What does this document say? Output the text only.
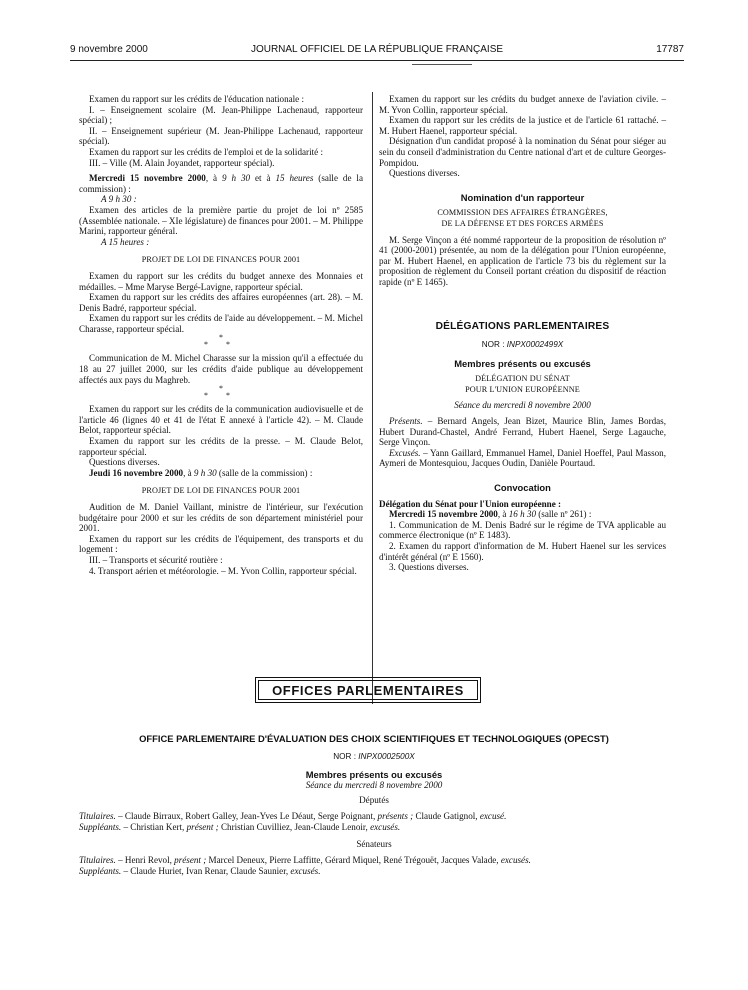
9 novembre 2000	JOURNAL OFFICIEL DE LA RÉPUBLIQUE FRANÇAISE	17787

Examen du rapport sur les crédits de l'éducation nationale :

I. – Enseignement scolaire (M. Jean-Philippe Lachenaud, rapporteur spécial) ;

II. – Enseignement supérieur (M. Jean-Philippe Lachenaud, rapporteur spécial).

Examen du rapport sur les crédits de l'emploi et de la solidarité :

III. – Ville (M. Alain Joyandet, rapporteur spécial).

Mercredi 15 novembre 2000, à 9 h 30 et à 15 heures (salle de la commission) :

A 9 h 30 :

Examen des articles de la première partie du projet de loi nº 2585 (Assemblée nationale. – XIe législature) de finances pour 2001. – M. Philippe Marini, rapporteur général.

A 15 heures :

PROJET DE LOI DE FINANCES POUR 2001

Examen du rapport sur les crédits du budget annexe des Monnaies et médailles. – Mme Maryse Bergé-Lavigne, rapporteur spécial.

Examen du rapport sur les crédits des affaires européennes (art. 28). – M. Denis Badré, rapporteur spécial.

Examen du rapport sur les crédits de l'aide au développement. – M. Michel Charasse, rapporteur spécial.

*

* *

Communication de M. Michel Charasse sur la mission qu'il a effectuée du 18 au 27 juillet 2000, sur les crédits d'aide publique au développement affectés aux pays du Maghreb.

*

* *

Examen du rapport sur les crédits de la communication audiovisuelle et de l'article 46 (lignes 40 et 41 de l'état E annexé à l'article 42). – M. Claude Belot, rapporteur spécial.

Examen du rapport sur les crédits de la presse. – M. Claude Belot, rapporteur spécial.

Questions diverses.

Jeudi 16 novembre 2000, à 9 h 30 (salle de la commission) :

PROJET DE LOI DE FINANCES POUR 2001

Audition de M. Daniel Vaillant, ministre de l'intérieur, sur l'exécution budgétaire pour 2000 et sur les crédits de son département ministériel pour 2001.

Examen du rapport sur les crédits de l'équipement, des transports et du logement :

III. – Transports et sécurité routière :

4. Transport aérien et météorologie. – M. Yvon Collin, rapporteur spécial.

Examen du rapport sur les crédits du budget annexe de l'aviation civile. – M. Yvon Collin, rapporteur spécial.

Examen du rapport sur les crédits de la justice et de l'article 61 rattaché. – M. Hubert Haenel, rapporteur spécial.

Désignation d'un candidat proposé à la nomination du Sénat pour siéger au sein du conseil d'administration du Centre national d'art et de culture Georges-Pompidou.

Questions diverses.

Nomination d'un rapporteur

COMMISSION DES AFFAIRES ÉTRANGÈRES,

DE LA DÉFENSE ET DES FORCES ARMÉES

M. Serge Vinçon a été nommé rapporteur de la proposition de résolution nº 41 (2000-2001) présentée, au nom de la délégation pour l'Union européenne, par M. Hubert Haenel, en application de l'article 73 bis du règlement sur la proposition de règlement du Conseil portant création du dispositif de réaction rapide (nº E 1465).

DÉLÉGATIONS PARLEMENTAIRES

NOR : INPX0002499X

Membres présents ou excusés

DÉLÉGATION DU SÉNAT

POUR L'UNION EUROPÉENNE

Séance du mercredi 8 novembre 2000

Présents. – Bernard Angels, Jean Bizet, Maurice Blin, James Bordas, Hubert Durand-Chastel, André Ferrand, Hubert Haenel, Serge Lagauche, Serge Vinçon.

Excusés. – Yann Gaillard, Emmanuel Hamel, Daniel Hoeffel, Paul Masson, Aymeri de Montesquiou, Jacques Oudin, Danièle Pourtaud.

Convocation

Délégation du Sénat pour l'Union européenne :

Mercredi 15 novembre 2000, à 16 h 30 (salle nº 261) :

1. Communication de M. Denis Badré sur le régime de TVA applicable au commerce électronique (nº E 1483).

2. Examen du rapport d'information de M. Hubert Haenel sur les services d'intérêt général (nº E 1560).

3. Questions diverses.

OFFICES PARLEMENTAIRES

OFFICE PARLEMENTAIRE D'ÉVALUATION DES CHOIX SCIENTIFIQUES ET TECHNOLOGIQUES (OPECST)

NOR : INPX0002500X

Membres présents ou excusés

Séance du mercredi 8 novembre 2000

Députés

Titulaires. – Claude Birraux, Robert Galley, Jean-Yves Le Déaut, Serge Poignant, présents ; Claude Gatignol, excusé.

Suppléants. – Christian Kert, présent ; Christian Cuvilliez, Jean-Claude Lenoir, excusés.

Sénateurs

Titulaires. – Henri Revol, présent ; Marcel Deneux, Pierre Laffitte, Gérard Miquel, René Trégouët, Jacques Valade, excusés.

Suppléants. – Claude Huriet, Ivan Renar, Claude Saunier, excusés.
